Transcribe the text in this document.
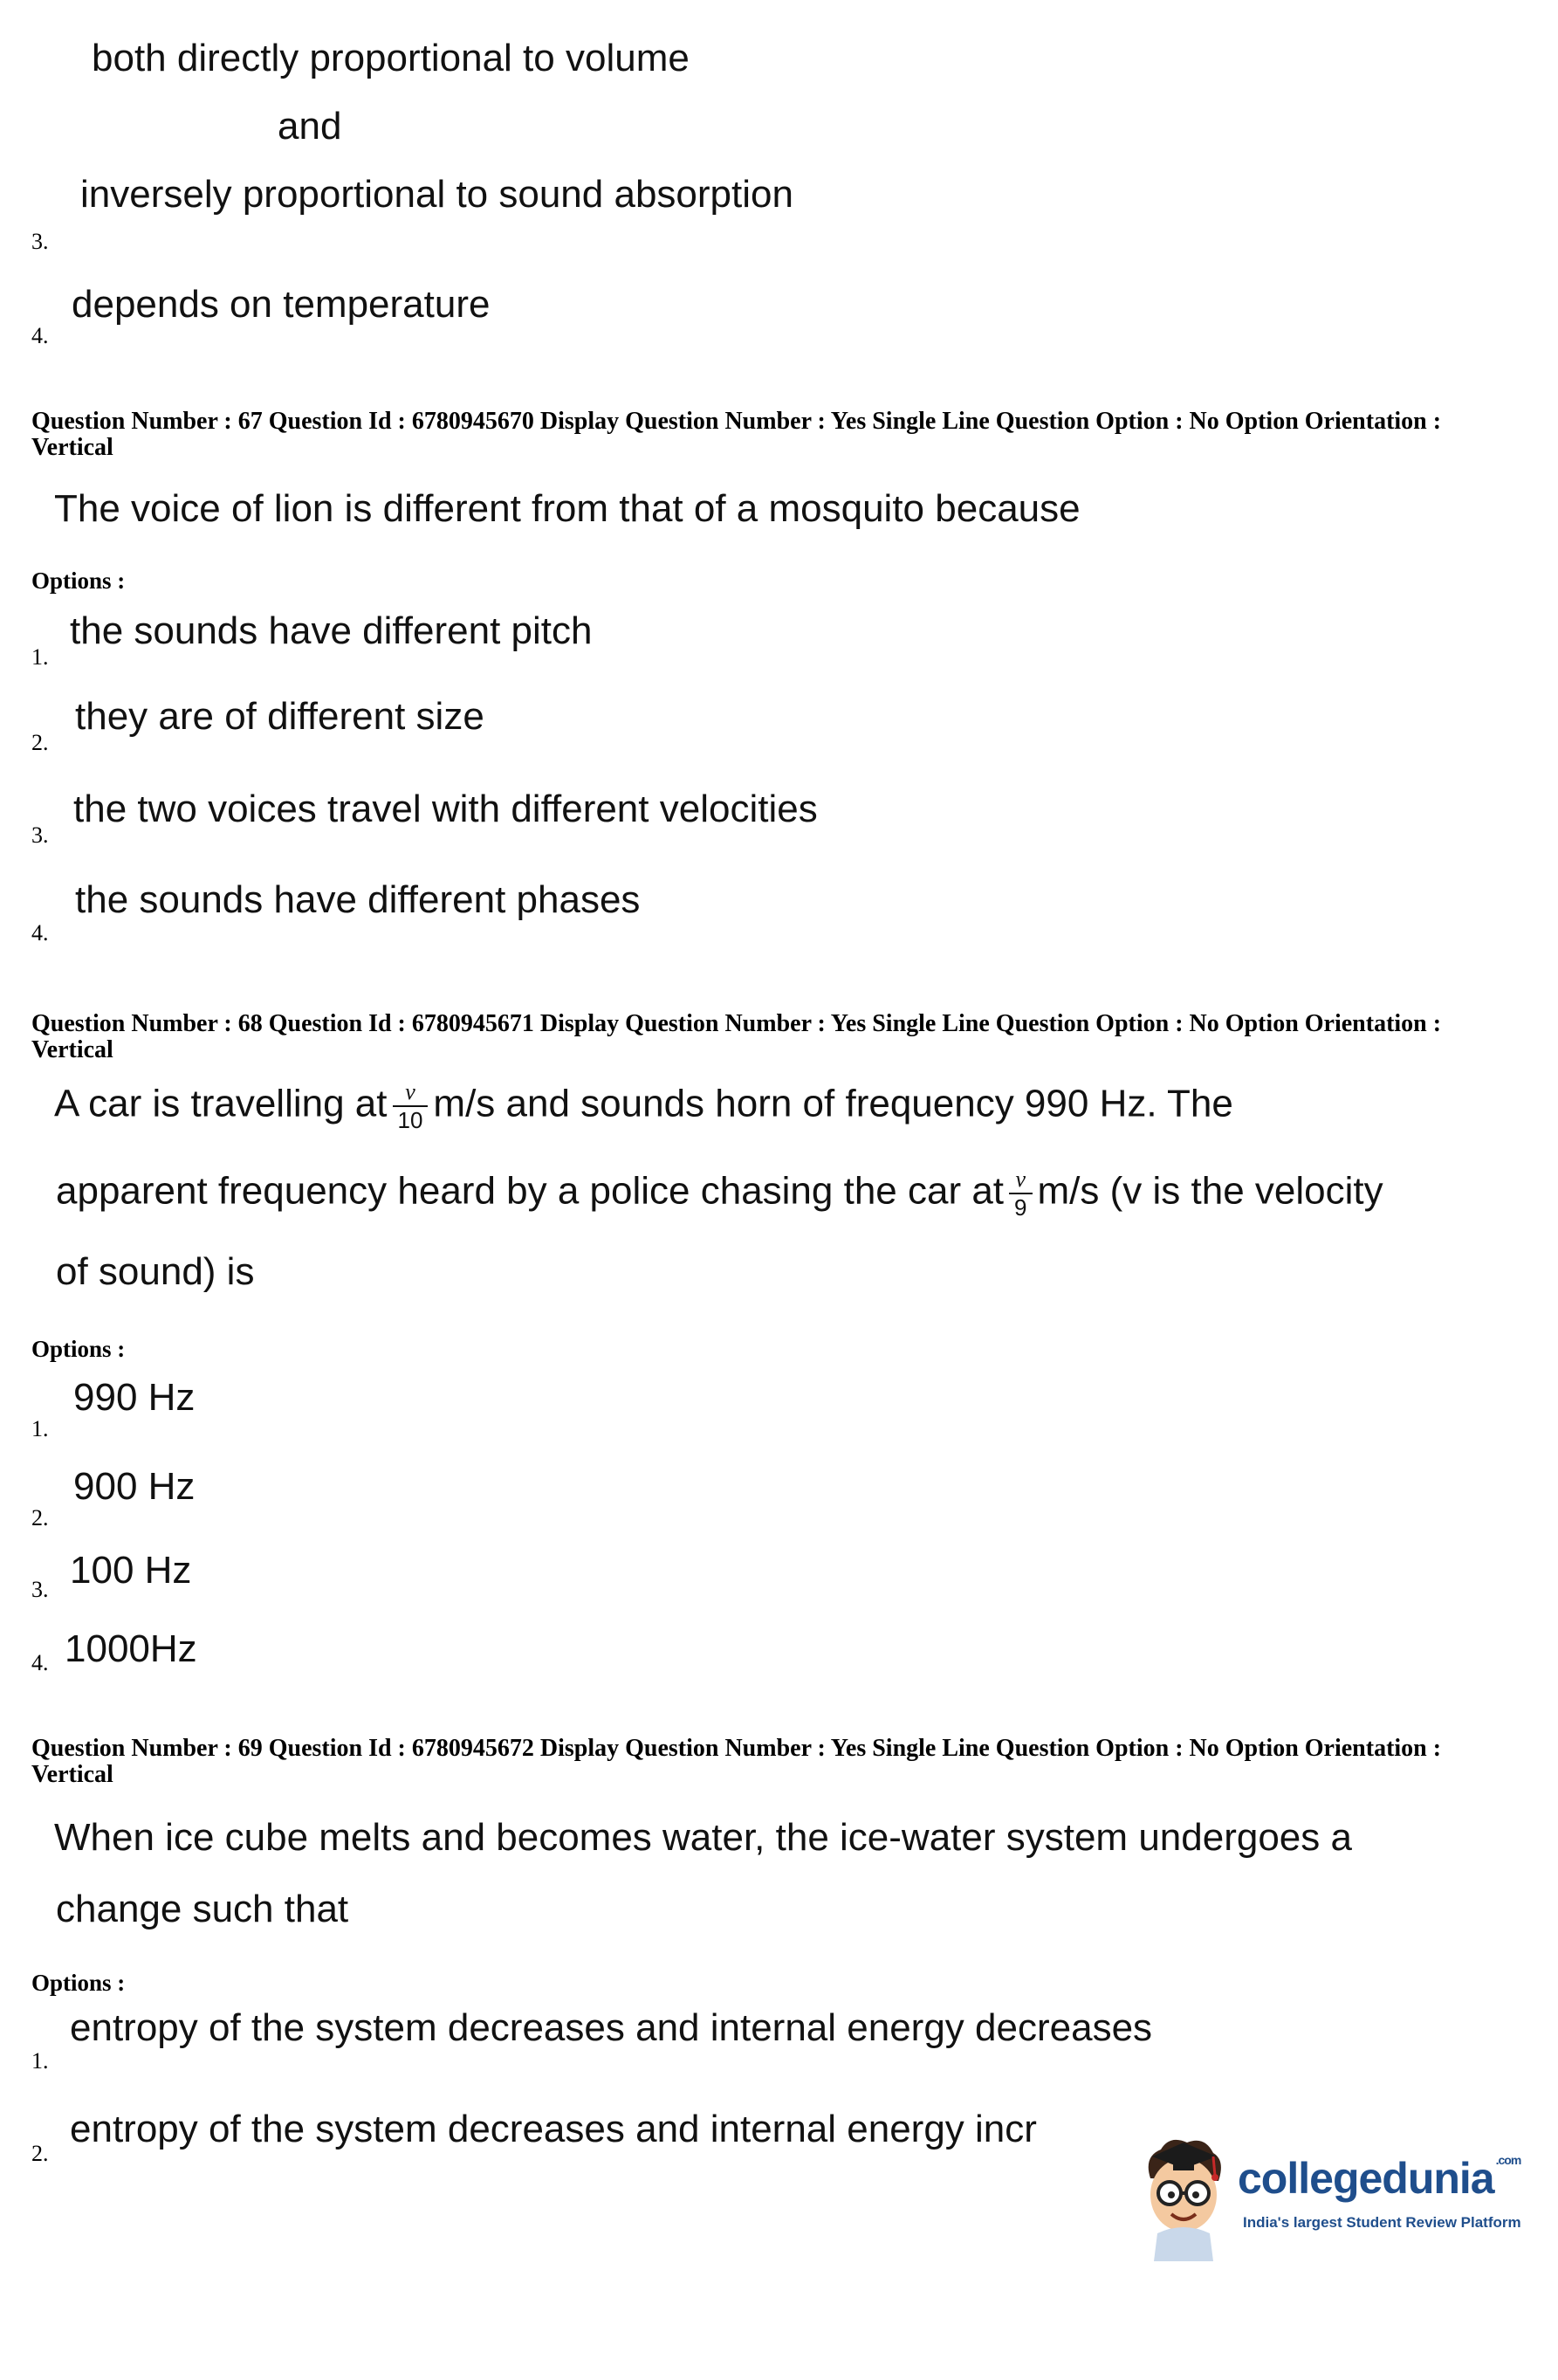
both directly proportional to volume
and
inversely proportional to sound absorption
3.
depends on temperature
4.
Question Number : 67 Question Id : 6780945670 Display Question Number : Yes Single Line Question Option : No Option Orientation : Vertical
The voice of lion is different from that of a mosquito because
Options :
the sounds have different pitch
1.
they are of different size
2.
the two voices travel with different velocities
3.
the sounds have different phases
4.
Question Number : 68 Question Id : 6780945671 Display Question Number : Yes Single Line Question Option : No Option Orientation : Vertical
A car is travelling at $\frac{v}{10} m/s$ and sounds horn of frequency 990 Hz. The
apparent frequency heard by a police chasing the car at $\frac{v}{9} m/s$ (v is the velocity
of sound) is
Options :
990 Hz
1.
900 Hz
2.
100 Hz
3.
1000Hz
4.
Question Number : 69 Question Id : 6780945672 Display Question Number : Yes Single Line Question Option : No Option Orientation : Vertical
When ice cube melts and becomes water, the ice-water system undergoes a
change such that
Options :
entropy of the system decreases and internal energy decreases
1.
entropy of the system decreases and internal energy incr
2.
collegedunia $^{.com}$
India's largest Student Review Platform
